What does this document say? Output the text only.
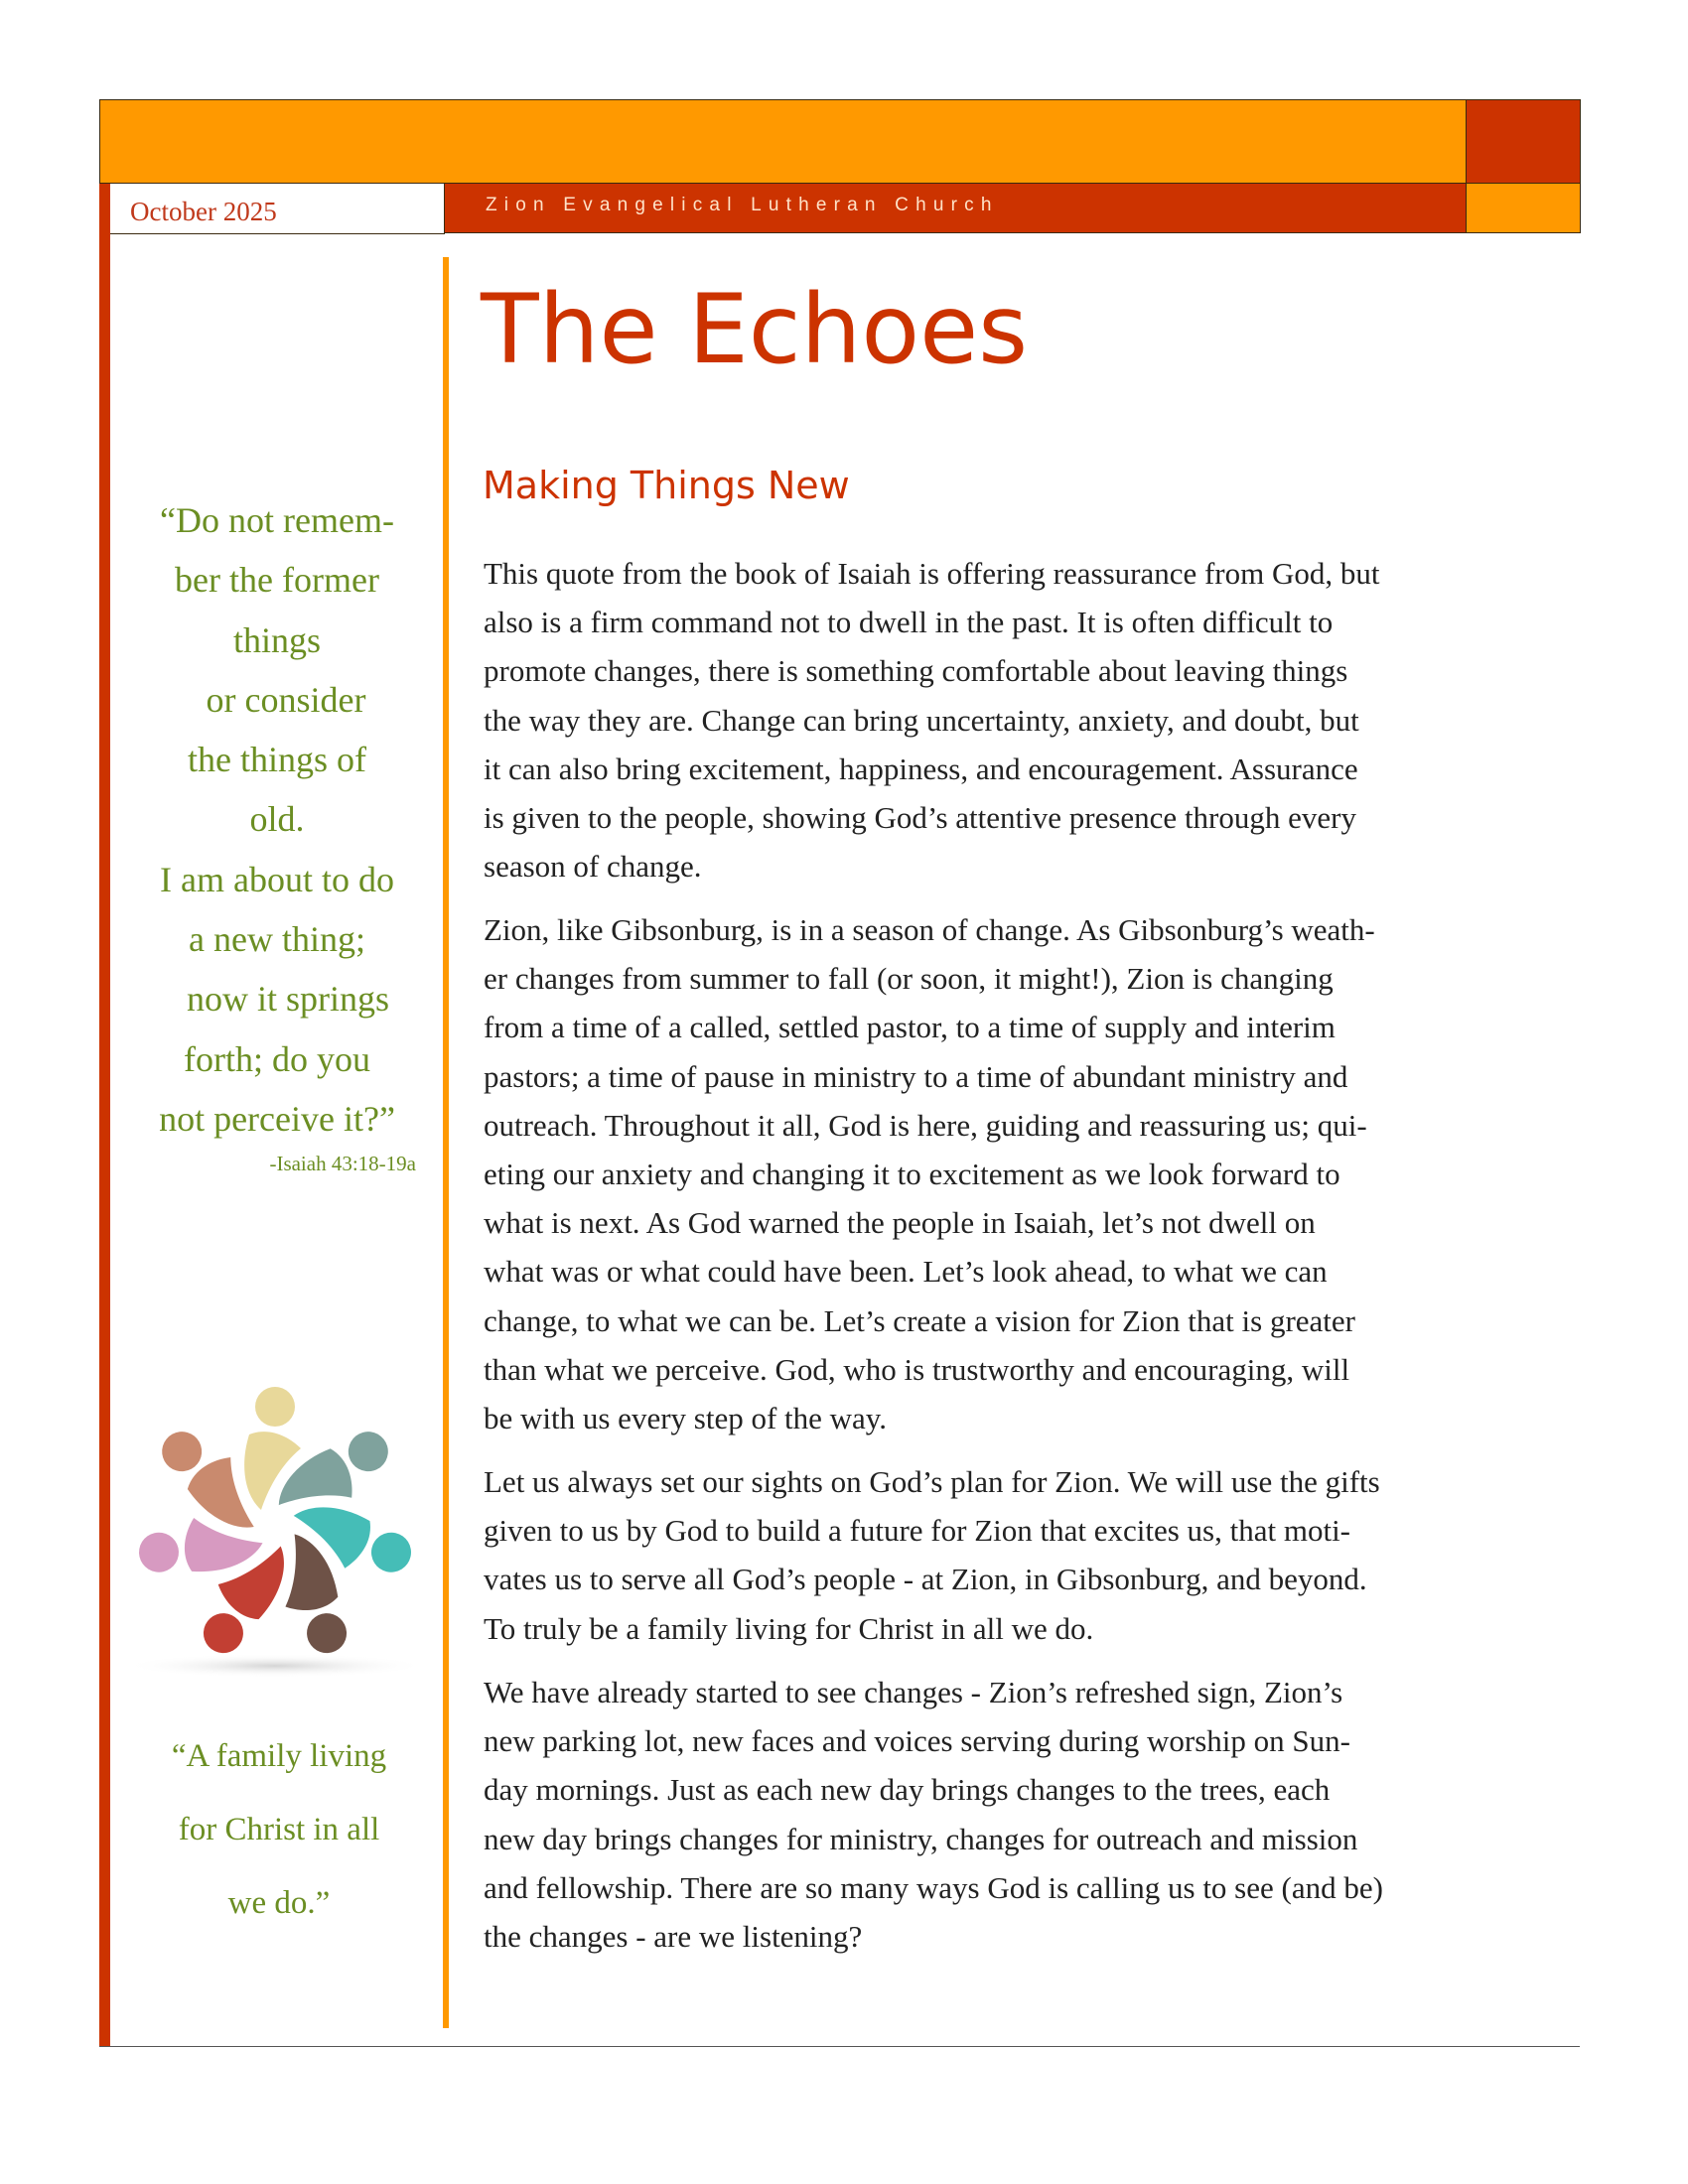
October 2025	Zion Evangelical Lutheran Church
“Do not remem-
ber the former
things
or consider
the things of
old.
I am about to do
a new thing;
now it springs
forth; do you
not perceive it?”
-Isaiah 43:18-19a
“A family living
for Christ in all
we do.”
The Echoes
Making Things New
This quote from the book of Isaiah is offering reassurance from God, but
also is a firm command not to dwell in the past. It is often difficult to
promote changes, there is something comfortable about leaving things
the way they are. Change can bring uncertainty, anxiety, and doubt, but
it can also bring excitement, happiness, and encouragement. Assurance
is given to the people, showing God’s attentive presence through every
season of change.
Zion, like Gibsonburg, is in a season of change. As Gibsonburg’s weath-
er changes from summer to fall (or soon, it might!), Zion is changing
from a time of a called, settled pastor, to a time of supply and interim
pastors; a time of pause in ministry to a time of abundant ministry and
outreach. Throughout it all, God is here, guiding and reassuring us; qui-
eting our anxiety and changing it to excitement as we look forward to
what is next. As God warned the people in Isaiah, let’s not dwell on
what was or what could have been. Let’s look ahead, to what we can
change, to what we can be. Let’s create a vision for Zion that is greater
than what we perceive. God, who is trustworthy and encouraging, will
be with us every step of the way.
Let us always set our sights on God’s plan for Zion. We will use the gifts
given to us by God to build a future for Zion that excites us, that moti-
vates us to serve all God’s people - at Zion, in Gibsonburg, and beyond.
To truly be a family living for Christ in all we do.
We have already started to see changes - Zion’s refreshed sign, Zion’s
new parking lot, new faces and voices serving during worship on Sun-
day mornings. Just as each new day brings changes to the trees, each
new day brings changes for ministry, changes for outreach and mission
and fellowship. There are so many ways God is calling us to see (and be)
the changes - are we listening?
